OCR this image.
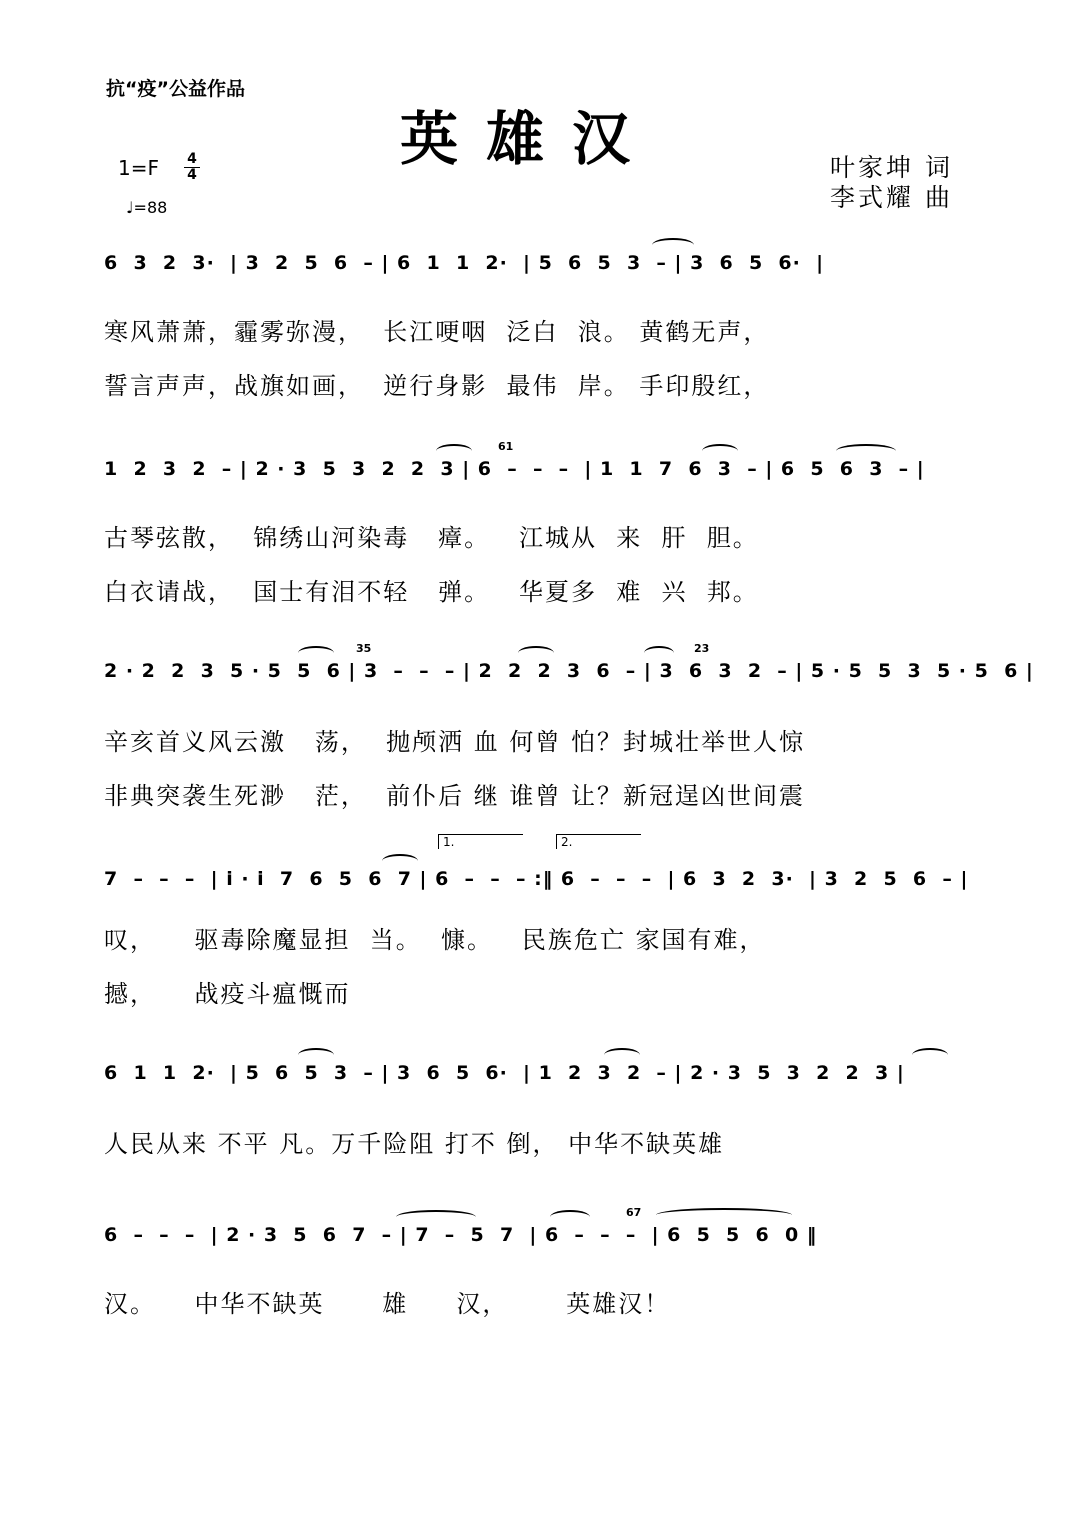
抗“疫”公益作品
英雄汉
1=F 4
4
♩=88
叶家坤 词
李式耀 曲
6  3  2  3·  | 3  2  5  6  – | 6  1  1  2·  | 5  6  5  3  – | 3  6  5  6·  |
寒风萧萧，霾雾弥漫，  长江哽咽  泛白  浪。 黄鹤无声，
誓言声声，战旗如画，  逆行身影  最伟  岸。 手印殷红，
1  2  3  2  – | 2 · 3  5  3  2  2  3 | 6  –  –  –  | 1  1  7  6  3  – | 6  5  6  3  – |
61
古琴弦散，  锦绣山河染毒   瘴。   江城从  来  肝  胆。
白衣请战，  国士有泪不轻   弹。   华夏多  难  兴  邦。
2 · 2  2  3  5 · 5  5  6 | 3  –  –  – | 2  2  2  3  6  – | 3  6  3  2  – | 5 · 5  5  3  5 · 5  6 |
35	23
辛亥首义风云激   荡，  抛颅洒 血 何曾 怕？封城壮举世人惊
非典突袭生死渺   茫，  前仆后 继 谁曾 让？新冠逞凶世间震
1.	2.
7  –  –  –  | i · i  7  6  5  6  7 | 6  –  –  – :‖ 6  –  –  –  | 6  3  2  3·  | 3  2  5  6  – |
叹，    驱毒除魔显担  当。  慷。   民族危亡 家国有难，
撼，    战疫斗瘟慨而
6  1  1  2·  | 5  6  5  3  – | 3  6  5  6·  | 1  2  3  2  – | 2 · 3  5  3  2  2  3 |
人民从来 不平 凡。万千险阻 打不 倒， 中华不缺英雄
6  –  –  –  | 2 · 3  5  6  7  – | 7  –  5  7  | 6  –  –  –  | 6  5  5  6  0 ‖
67
汉。    中华不缺英      雄     汉，      英雄汉！
